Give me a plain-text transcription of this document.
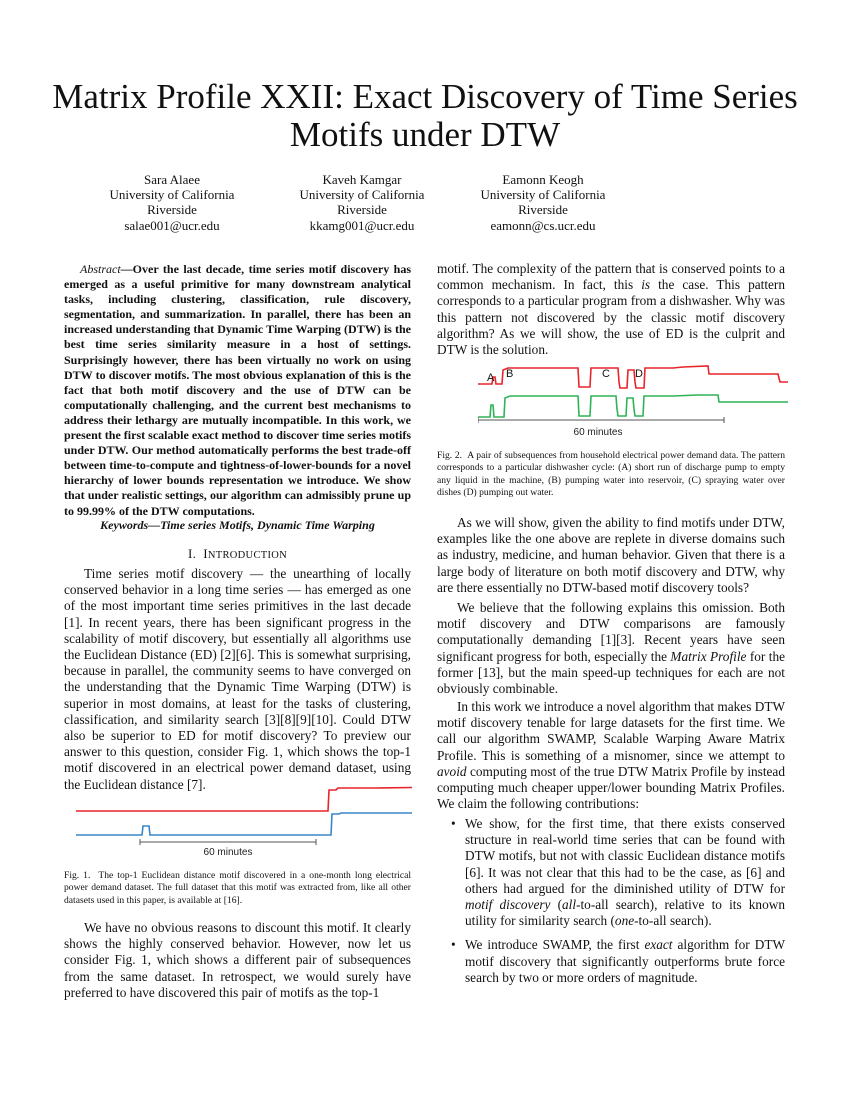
Matrix Profile XXII: Exact Discovery of Time Series
Motifs under DTW
Sara Alaee
University of California
Riverside
salae001@ucr.edu
Kaveh Kamgar
University of California
Riverside
kkamg001@ucr.edu
Eamonn Keogh
University of California
Riverside
eamonn@cs.ucr.edu
Abstract—Over the last decade, time series motif discovery has emerged as a useful primitive for many downstream analytical tasks, including clustering, classification, rule discovery, segmentation, and summarization. In parallel, there has been an increased understanding that Dynamic Time Warping (DTW) is the best time series similarity measure in a host of settings. Surprisingly however, there has been virtually no work on using DTW to discover motifs. The most obvious explanation of this is the fact that both motif discovery and the use of DTW can be computationally challenging, and the current best mechanisms to address their lethargy are mutually incompatible. In this work, we present the first scalable exact method to discover time series motifs under DTW. Our method automatically performs the best trade-off between time-to-compute and tightness-of-lower-bounds for a novel hierarchy of lower bounds representation we introduce. We show that under realistic settings, our algorithm can admissibly prune up to 99.99% of the DTW computations.
Keywords—Time series Motifs, Dynamic Time Warping
I. INTRODUCTION

Time series motif discovery — the unearthing of locally conserved behavior in a long time series — has emerged as one of the most important time series primitives in the last decade [1]. In recent years, there has been significant progress in the scalability of motif discovery, but essentially all algorithms use the Euclidean Distance (ED) [2][6]. This is somewhat surprising, because in parallel, the community seems to have converged on the understanding that the Dynamic Time Warping (DTW) is superior in most domains, at least for the tasks of clustering, classification, and similarity search [3][8][9][10]. Could DTW also be superior to ED for motif discovery? To preview our answer to this question, consider Fig. 1, which shows the top-1 motif discovered in an electrical power demand dataset, using the Euclidean distance [7].

60 minutes
Fig. 1. The top-1 Euclidean distance motif discovered in a one-month long electrical power demand dataset. The full dataset that this motif was extracted from, like all other datasets used in this paper, is available at [16].

We have no obvious reasons to discount this motif. It clearly shows the highly conserved behavior. However, now let us consider Fig. 1, which shows a different pair of subsequences from the same dataset. In retrospect, we would surely have preferred to have discovered this pair of motifs as the top-1

motif. The complexity of the pattern that is conserved points to a common mechanism. In fact, this is the case. This pattern corresponds to a particular program from a dishwasher. Why was this pattern not discovered by the classic motif discovery algorithm? As we will show, the use of ED is the culprit and DTW is the solution.

A B	C D
60 minutes
Fig. 2. A pair of subsequences from household electrical power demand data. The pattern corresponds to a particular dishwasher cycle: (A) short run of discharge pump to empty any liquid in the machine, (B) pumping water into reservoir, (C) spraying water over dishes (D) pumping out water.

As we will show, given the ability to find motifs under DTW, examples like the one above are replete in diverse domains such as industry, medicine, and human behavior. Given that there is a large body of literature on both motif discovery and DTW, why are there essentially no DTW-based motif discovery tools?

We believe that the following explains this omission. Both motif discovery and DTW comparisons are famously computationally demanding [1][3]. Recent years have seen significant progress for both, especially the Matrix Profile for the former [13], but the main speed-up techniques for each are not obviously combinable.

In this work we introduce a novel algorithm that makes DTW motif discovery tenable for large datasets for the first time. We call our algorithm SWAMP, Scalable Warping Aware Matrix Profile. This is something of a misnomer, since we attempt to avoid computing most of the true DTW Matrix Profile by instead computing much cheaper upper/lower bounding Matrix Profiles. We claim the following contributions:

• We show, for the first time, that there exists conserved structure in real-world time series that can be found with DTW motifs, but not with classic Euclidean distance motifs [6]. It was not clear that this had to be the case, as [6] and others had argued for the diminished utility of DTW for motif discovery (all-to-all search), relative to its known utility for similarity search (one-to-all search).
• We introduce SWAMP, the first exact algorithm for DTW motif discovery that significantly outperforms brute force search by two or more orders of magnitude.
